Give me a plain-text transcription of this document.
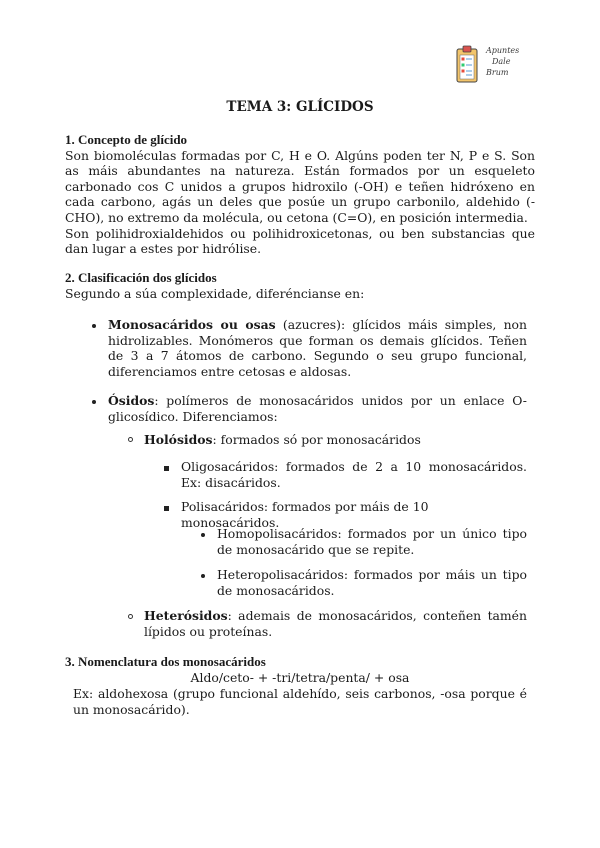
Apuntes
Dale
Brum
TEMA 3: GLÍCIDOS
1. Concepto de glícido
Son biomoléculas formadas por C, H e O. Algúns poden ter N, P e S. Son as máis abundantes na natureza. Están formados por un esqueleto carbonado cos C unidos a grupos hidroxilo (-OH) e teñen hidróxeno en cada carbono, agás un deles que posúe un grupo carbonilo, aldehido (-CHO), no extremo da molécula, ou cetona (C=O), en posición intermedia.
Son polihidroxialdehidos ou polihidroxicetonas, ou ben substancias que dan lugar a estes por hidrólise.
2. Clasificación dos glícidos
Segundo a súa complexidade, diferéncianse en:
Monosacáridos ou osas (azucres): glícidos máis simples, non hidrolizables. Monómeros que forman os demais glícidos. Teñen de 3 a 7 átomos de carbono. Segundo o seu grupo funcional, diferenciamos entre cetosas e aldosas.
Ósidos: polímeros de monosacáridos unidos por un enlace O-glicosídico. Diferenciamos:
Holósidos: formados só por monosacáridos
Oligosacáridos: formados de 2 a 10 monosacáridos. Ex: disacáridos.
Polisacáridos: formados por máis de 10 monosacáridos.
Homopolisacáridos: formados por un único tipo de monosacárido que se repite.
Heteropolisacáridos: formados por máis un tipo de monosacáridos.
Heterósidos: ademais de monosacáridos, conteñen tamén lípidos ou proteínas.
3. Nomenclatura dos monosacáridos
Aldo/ceto- + -tri/tetra/penta/ + osa
Ex: aldohexosa (grupo funcional aldehído, seis carbonos, -osa porque é un monosacárido).
